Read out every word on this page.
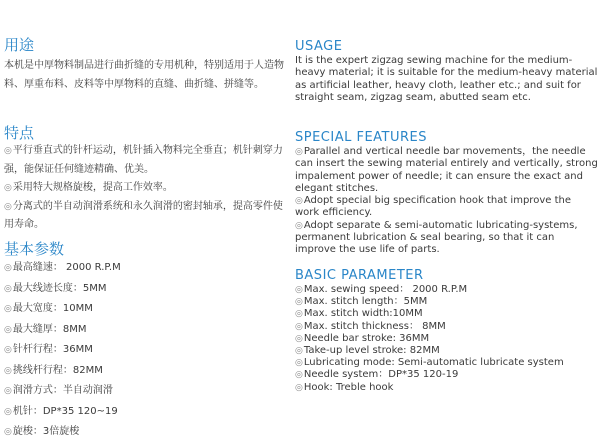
用途

本机是中厚物料制品进行曲折缝的专用机种，特别适用于人造物料、厚重布料、皮料等中厚物料的直缝、曲折缝、拼缝等。

特点
◎平行垂直式的针杆运动，机针插入物料完全垂直；机针刺穿力强，能保证任何缝迹精确、优美。
◎采用特大规格旋梭，提高工作效率。
◎分离式的半自动润滑系统和永久润滑的密封轴承，提高零件使用寿命。
基本参数
◎最高缝速： 2000 R.P.M
◎最大线迹长度：5MM
◎最大宽度：10MM
◎最大缝厚：8MM
◎针杆行程：36MM
◎挑线杆行程：82MM
◎润滑方式：半自动润滑
◎机针：DP*35 120~19
◎旋梭：3倍旋梭
USAGE

It is the expert zigzag sewing machine for the medium-heavy material; it is suitable for the medium-heavy material as artificial leather, heavy cloth, leather etc.; and suit for straight seam, zigzag seam, abutted seam etc.

SPECIAL FEATURES
◎Parallel and vertical needle bar movements，the needle can insert the sewing material entirely and vertically, strong impalement power of needle; it can ensure the exact and elegant stitches.
◎Adopt special big specification hook that improve the work efficiency.
◎Adopt separate & semi-automatic lubricating-systems, permanent lubrication & seal bearing, so that it can improve the use life of parts.
BASIC PARAMETER
◎Max. sewing speed： 2000 R.P.M
◎Max. stitch length：5MM
◎Max. stitch width:10MM
◎Max. stitch thickness： 8MM
◎Needle bar stroke: 36MM
◎Take-up level stroke: 82MM
◎Lubricating mode: Semi-automatic lubricate system
◎Needle system：DP*35 120-19
◎Hook: Treble hook
